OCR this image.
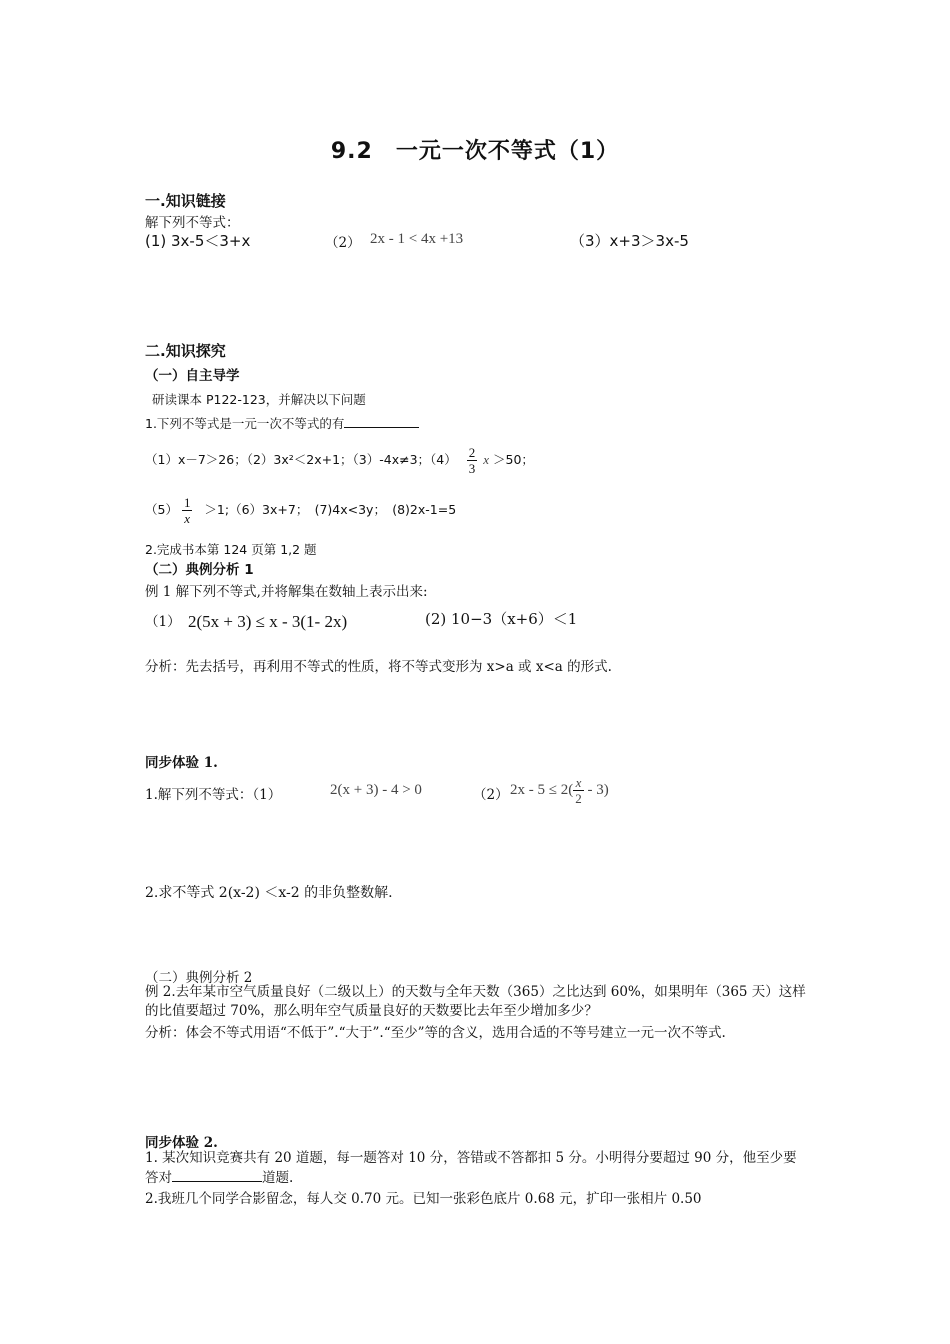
9.2　一元一次不等式（1）
一.知识链接
解下列不等式：
(1) 3x-5＜3+x	（2） 2x - 1 < 4x +13	（3）x+3＞3x-5
二.知识探究
（一）自主导学
研读课本 P122-123，并解决以下问题
1.下列不等式是一元一次不等式的有
（1）x－7＞26；（2）3x²＜2x+1；（3）-4x≠3；$(4) \frac{2}{3}$ x ＞50；
$(5) \frac{1}{x}$ ＞1;（6）3x+7；　(7)4x<3y；　(8)2x-1=5
2.完成书本第 124 页第 1,2 题
（二）典例分析 1
例 1 解下列不等式,并将解集在数轴上表示出来:
（1） 2(5x + 3) ≤ x - 3(1- 2x)	(2) 10−3（x+6）＜1
分析：先去括号，再利用不等式的性质，将不等式变形为 x>a 或 x<a 的形式.
同步体验 1.
1.解下列不等式：（1）	2(x + 3) - 4 > 0	（2） $2x - 5 \le 2( \frac{x}{2} - 3)$
2.求不等式 2(x-2) ＜x-2 的非负整数解.
（二）典例分析 2
例 2.去年某市空气质量良好（二级以上）的天数与全年天数（365）之比达到 60%，如果明年（365 天）这样的比值要超过 70%，那么明年空气质量良好的天数要比去年至少增加多少？
分析：体会不等式用语“不低于”.“大于”.“至少”等的含义，选用合适的不等号建立一元一次不等式.
同步体验 2.
1. 某次知识竞赛共有 20 道题，每一题答对 10 分，答错或不答都扣 5 分。小明得分要超过 90 分，他至少要答对	道题.
2.我班几个同学合影留念，每人交 0.70 元。已知一张彩色底片 0.68 元，扩印一张相片 0.50
